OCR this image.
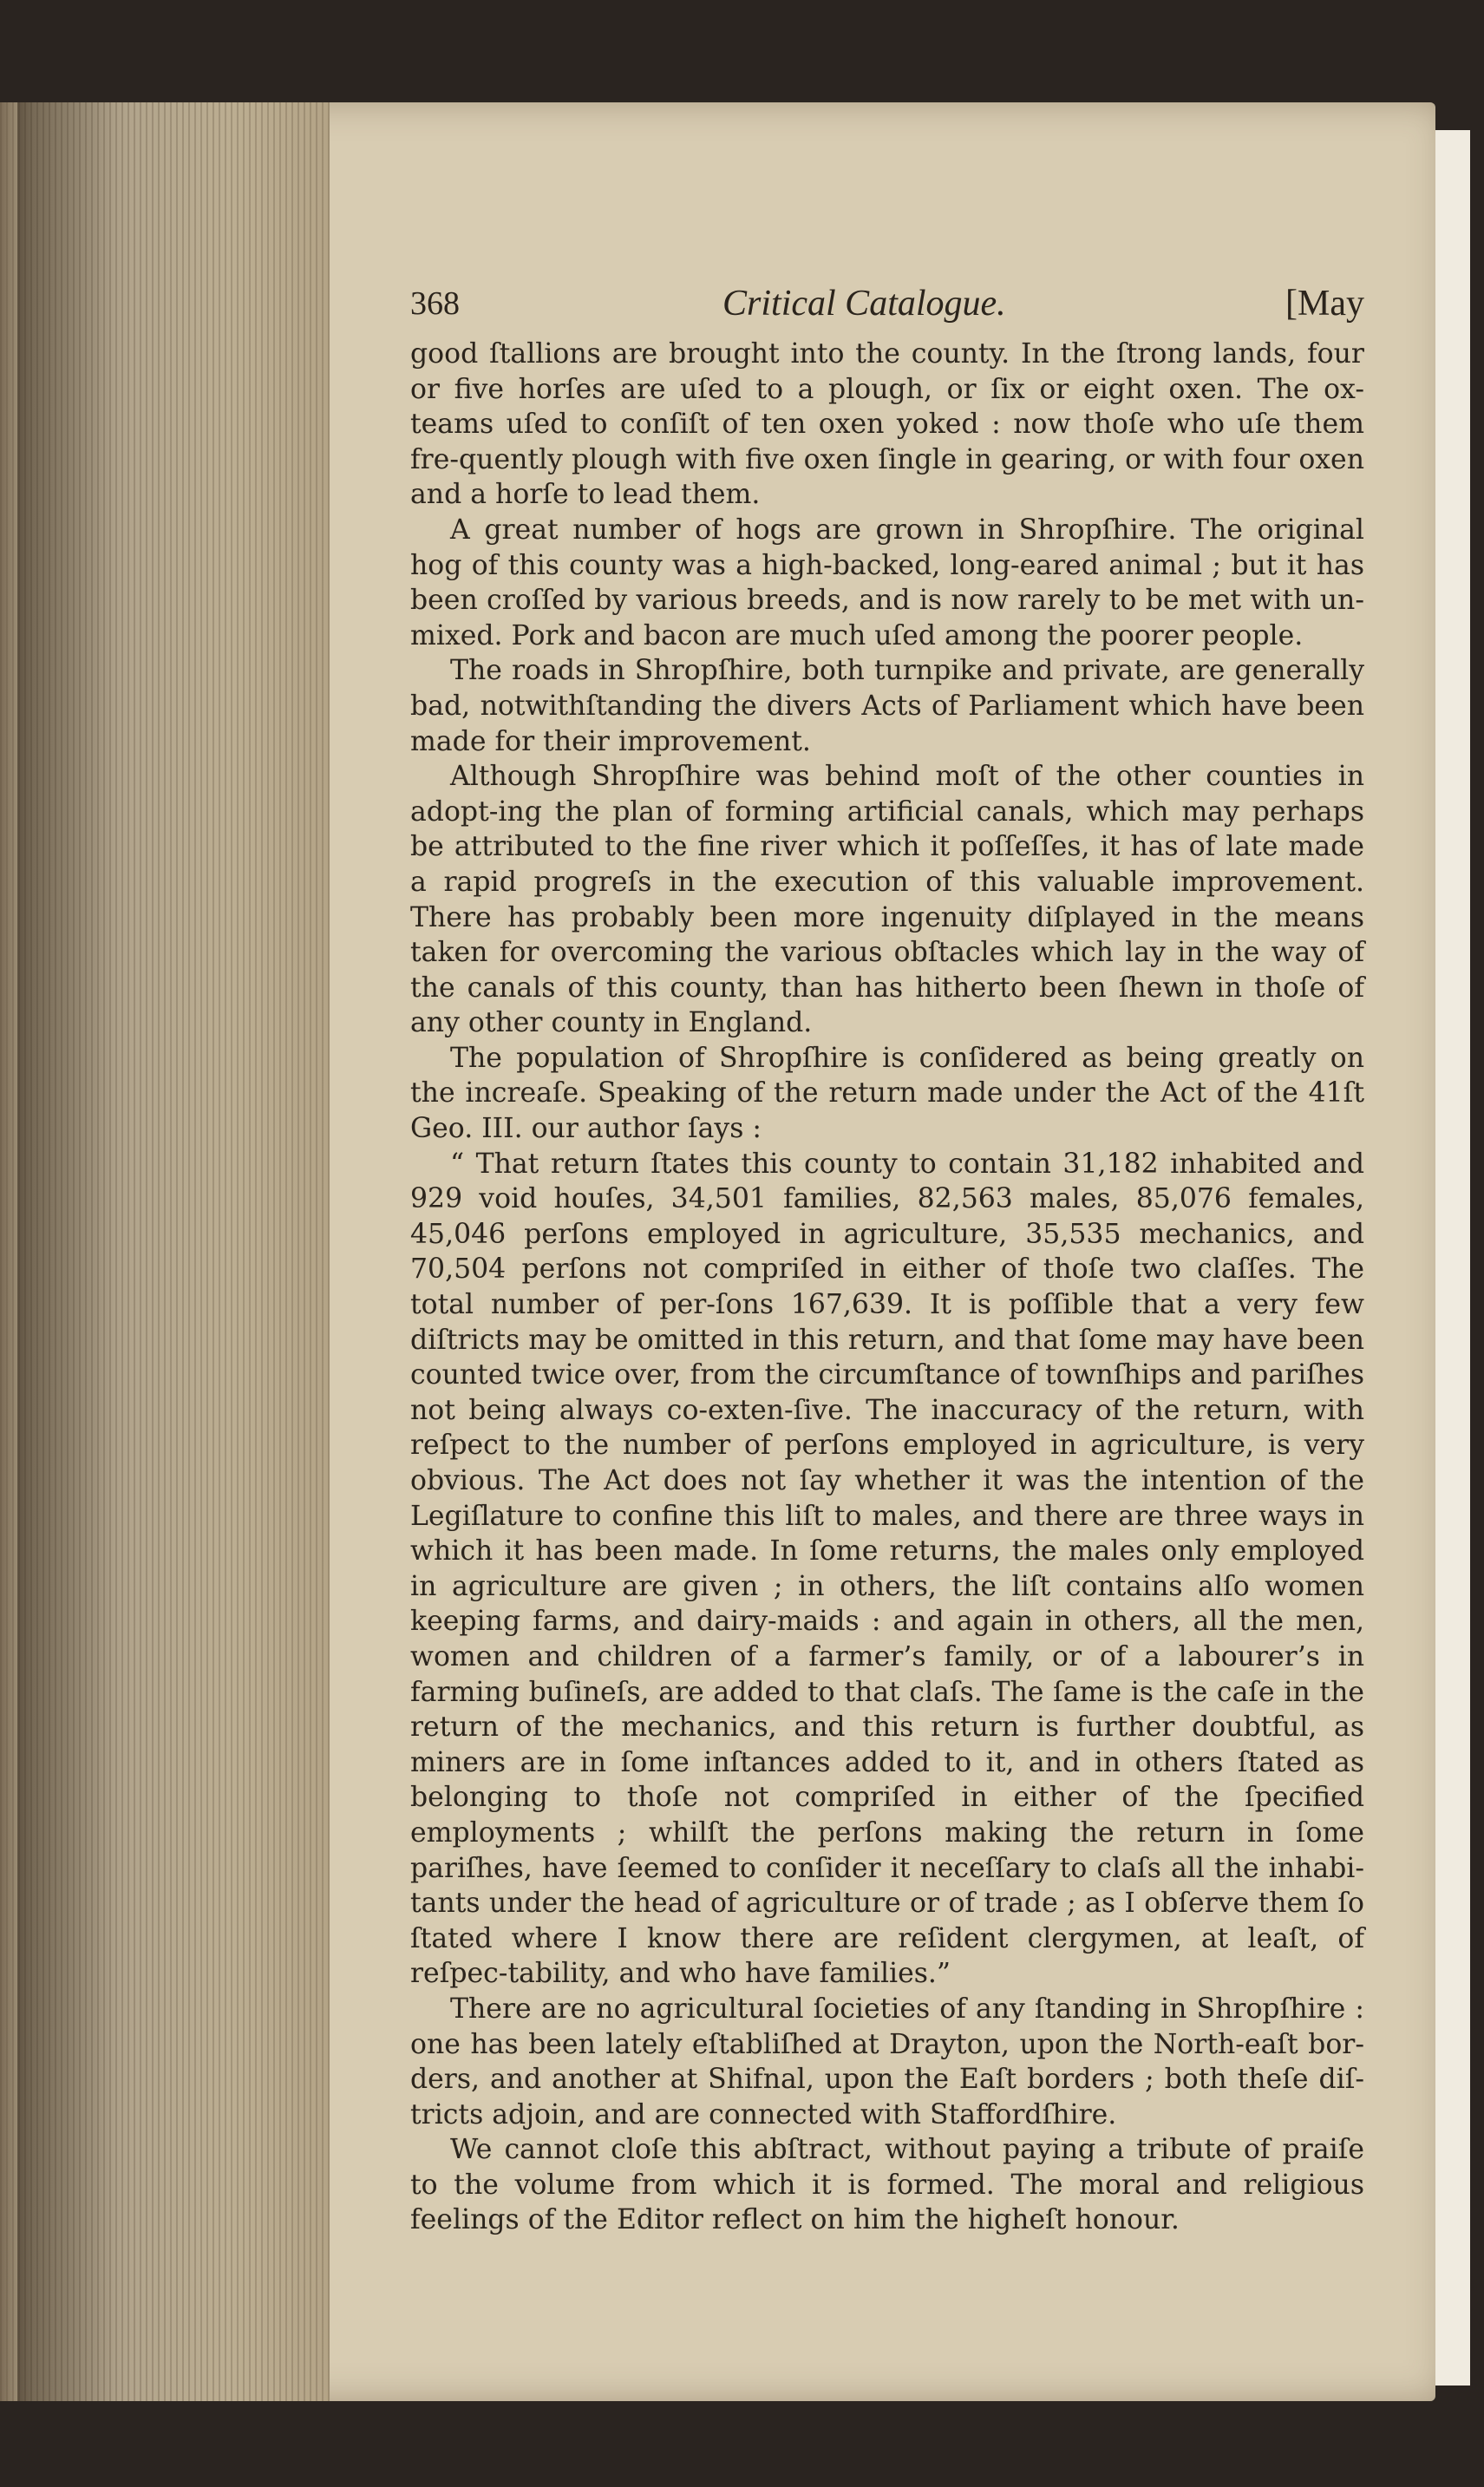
368	Critical Catalogue.	[May

good ſtallions are brought into the county. In the ſtrong lands, four or five horſes are uſed to a plough, or ſix or eight oxen. The ox-teams uſed to conſiſt of ten oxen yoked : now thoſe who uſe them fre-quently plough with five oxen ſingle in gearing, or with four oxen and a horſe to lead them.

A great number of hogs are grown in Shropſhire. The original hog of this county was a high-backed, long-eared animal ; but it has been croſſed by various breeds, and is now rarely to be met with un-mixed. Pork and bacon are much uſed among the poorer people.

The roads in Shropſhire, both turnpike and private, are generally bad, notwithſtanding the divers Acts of Parliament which have been made for their improvement.

Although Shropſhire was behind moſt of the other counties in adopt-ing the plan of forming artificial canals, which may perhaps be attributed to the fine river which it poſſeſſes, it has of late made a rapid progreſs in the execution of this valuable improvement. There has probably been more ingenuity diſplayed in the means taken for overcoming the various obſtacles which lay in the way of the canals of this county, than has hitherto been ſhewn in thoſe of any other county in England.

The population of Shropſhire is conſidered as being greatly on the increaſe. Speaking of the return made under the Act of the 41ſt Geo. III. our author ſays :

“ That return ſtates this county to contain 31,182 inhabited and 929 void houſes, 34,501 families, 82,563 males, 85,076 females, 45,046 perſons employed in agriculture, 35,535 mechanics, and 70,504 perſons not compriſed in either of thoſe two claſſes. The total number of per-ſons 167,639. It is poſſible that a very few diſtricts may be omitted in this return, and that ſome may have been counted twice over, from the circumſtance of townſhips and pariſhes not being always co-exten-ſive. The inaccuracy of the return, with reſpect to the number of perſons employed in agriculture, is very obvious. The Act does not ſay whether it was the intention of the Legiſlature to confine this liſt to males, and there are three ways in which it has been made. In ſome returns, the males only employed in agriculture are given ; in others, the liſt contains alſo women keeping farms, and dairy-maids : and again in others, all the men, women and children of a farmer’s family, or of a labourer’s in farming buſineſs, are added to that claſs. The ſame is the caſe in the return of the mechanics, and this return is further doubtful, as miners are in ſome inſtances added to it, and in others ſtated as belonging to thoſe not compriſed in either of the ſpecified employments ; whilſt the perſons making the return in ſome pariſhes, have ſeemed to conſider it neceſſary to claſs all the inhabi-tants under the head of agriculture or of trade ; as I obſerve them ſo ſtated where I know there are reſident clergymen, at leaſt, of reſpec-tability, and who have families.”

There are no agricultural ſocieties of any ſtanding in Shropſhire : one has been lately eſtabliſhed at Drayton, upon the North-eaſt bor-ders, and another at Shifnal, upon the Eaſt borders ; both theſe diſ-tricts adjoin, and are connected with Staffordſhire.

We cannot cloſe this abſtract, without paying a tribute of praiſe to the volume from which it is formed. The moral and religious feelings of the Editor reflect on him the higheſt honour.
